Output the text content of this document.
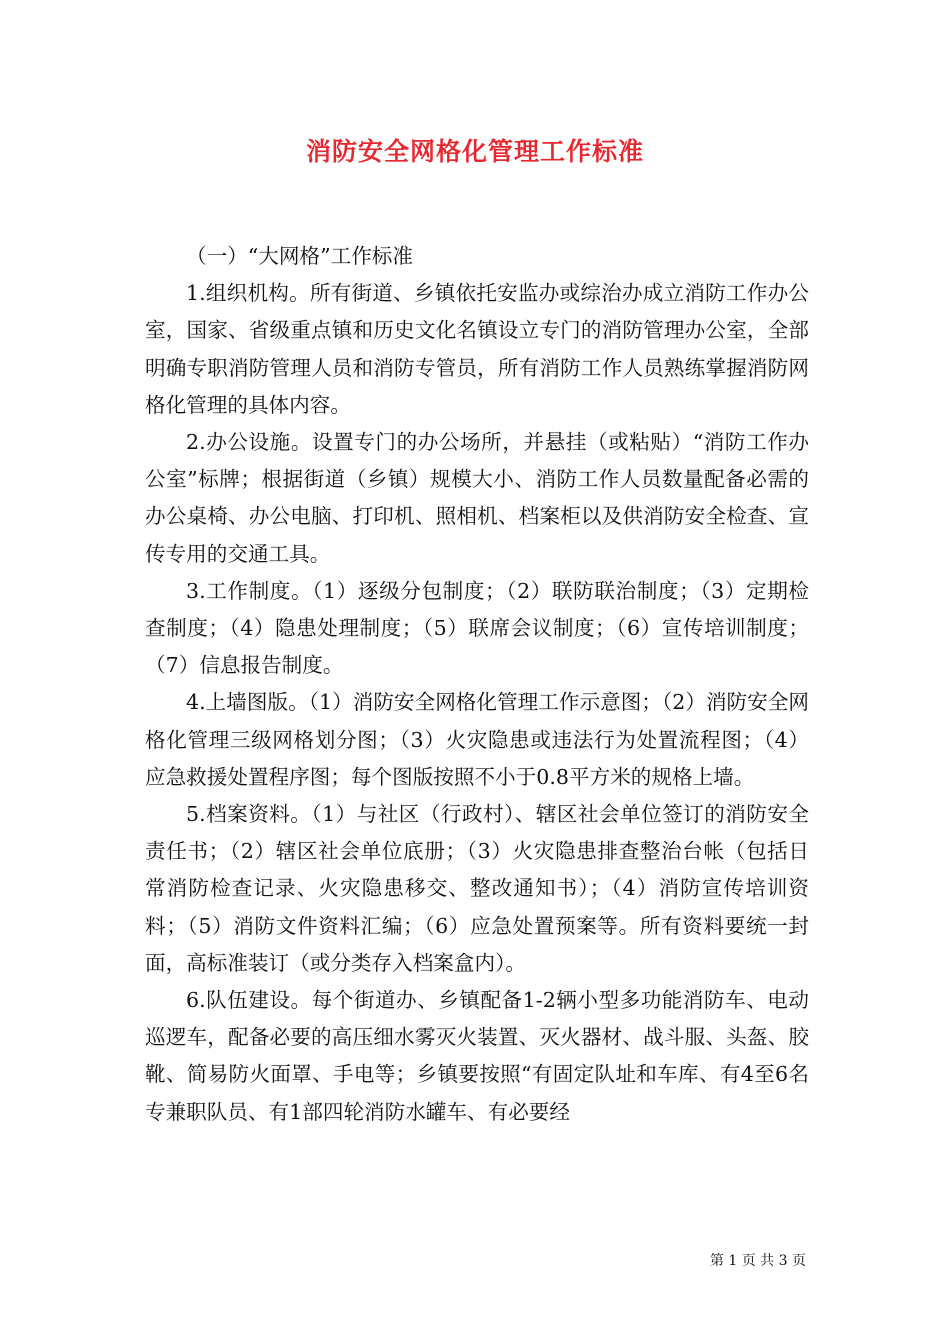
消防安全网格化管理工作标准

（一）“大网格”工作标准

1.组织机构。所有街道、乡镇依托安监办或综治办成立消防工作办公室，国家、省级重点镇和历史文化名镇设立专门的消防管理办公室，全部明确专职消防管理人员和消防专管员，所有消防工作人员熟练掌握消防网格化管理的具体内容。

2.办公设施。设置专门的办公场所，并悬挂（或粘贴）“消防工作办公室”标牌；根据街道（乡镇）规模大小、消防工作人员数量配备必需的办公桌椅、办公电脑、打印机、照相机、档案柜以及供消防安全检查、宣传专用的交通工具。

3.工作制度。（1）逐级分包制度；（2）联防联治制度；（3）定期检查制度；（4）隐患处理制度；（5）联席会议制度；（6）宣传培训制度；（7）信息报告制度。

4.上墙图版。（1）消防安全网格化管理工作示意图；（2）消防安全网格化管理三级网格划分图；（3）火灾隐患或违法行为处置流程图；（4）应急救援处置程序图；每个图版按照不小于0.8平方米的规格上墙。

5.档案资料。（1）与社区（行政村）、辖区社会单位签订的消防安全责任书；（2）辖区社会单位底册；（3）火灾隐患排查整治台帐（包括日常消防检查记录、火灾隐患移交、整改通知书）；（4）消防宣传培训资料；（5）消防文件资料汇编；（6）应急处置预案等。所有资料要统一封面，高标准装订（或分类存入档案盒内）。

6.队伍建设。每个街道办、乡镇配备1-2辆小型多功能消防车、电动巡逻车，配备必要的高压细水雾灭火装置、灭火器材、战斗服、头盔、胶靴、简易防火面罩、手电等；乡镇要按照“有固定队址和车库、有4至6名专兼职队员、有1部四轮消防水罐车、有必要经

第 1 页 共 3 页
